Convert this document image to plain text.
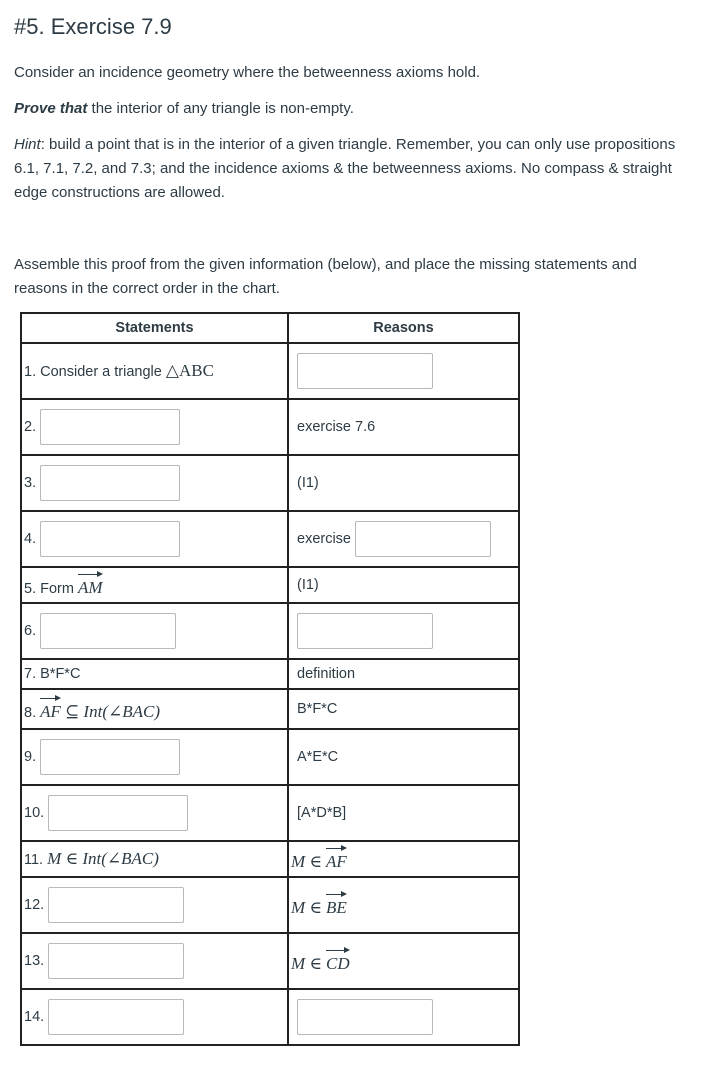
#5. Exercise 7.9

Consider an incidence geometry where the betweenness axioms hold.

Prove that the interior of any triangle is non-empty.

Hint: build a point that is in the interior of a given triangle. Remember, you can only use propositions 6.1, 7.1, 7.2, and 7.3; and the incidence axioms & the betweenness axioms. No compass & straight edge constructions are allowed.

Assemble this proof from the given information (below), and place the missing statements and reasons in the correct order in the chart.

Statements	Reasons
1. Consider a triangle △ABC	
2.	exercise 7.6
3.	(I1)
4.	exercise
5. Form AM	(I1)
6.	
7. B*F*C	definition
8. AF ⊆ Int(∠BAC)	B*F*C
9.	A*E*C
10.	[A*D*B]
11. M ∈ Int(∠BAC)	M ∈ AF
12.	M ∈ BE
13.	M ∈ CD
14.	
